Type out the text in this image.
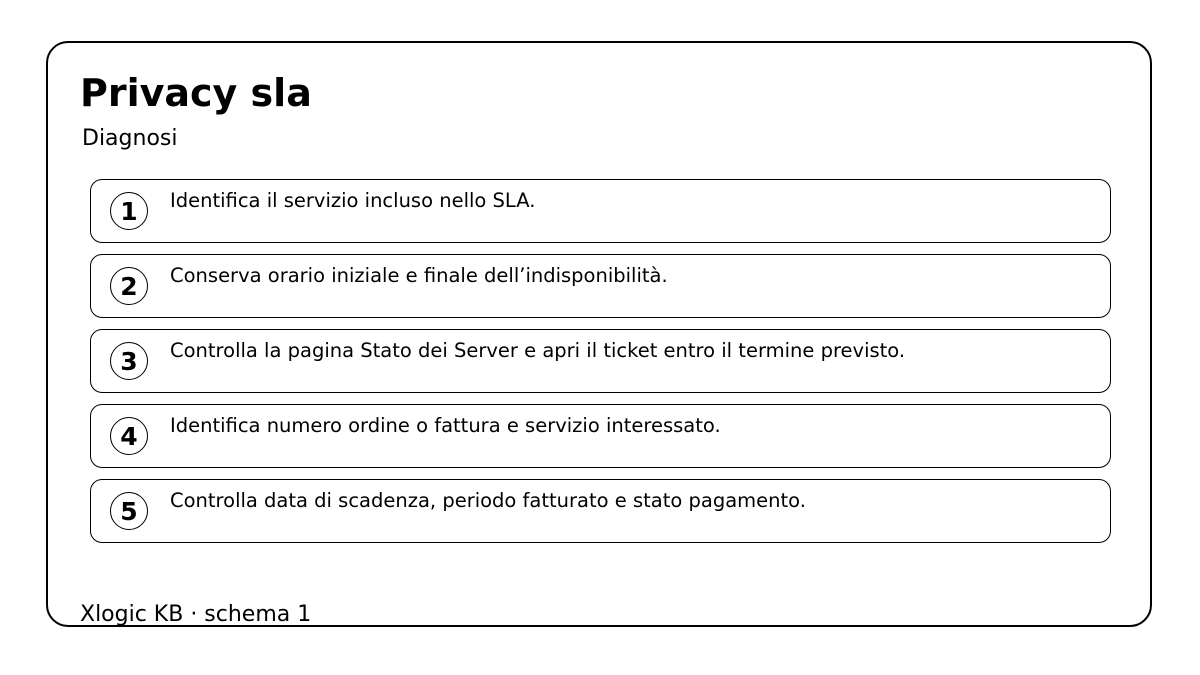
Privacy sla
Diagnosi
1	Identifica il servizio incluso nello SLA.
2	Conserva orario iniziale e finale dell’indisponibilità.
3	Controlla la pagina Stato dei Server e apri il ticket entro il termine previsto.
4	Identifica numero ordine o fattura e servizio interessato.
5	Controlla data di scadenza, periodo fatturato e stato pagamento.
Xlogic KB · schema 1
